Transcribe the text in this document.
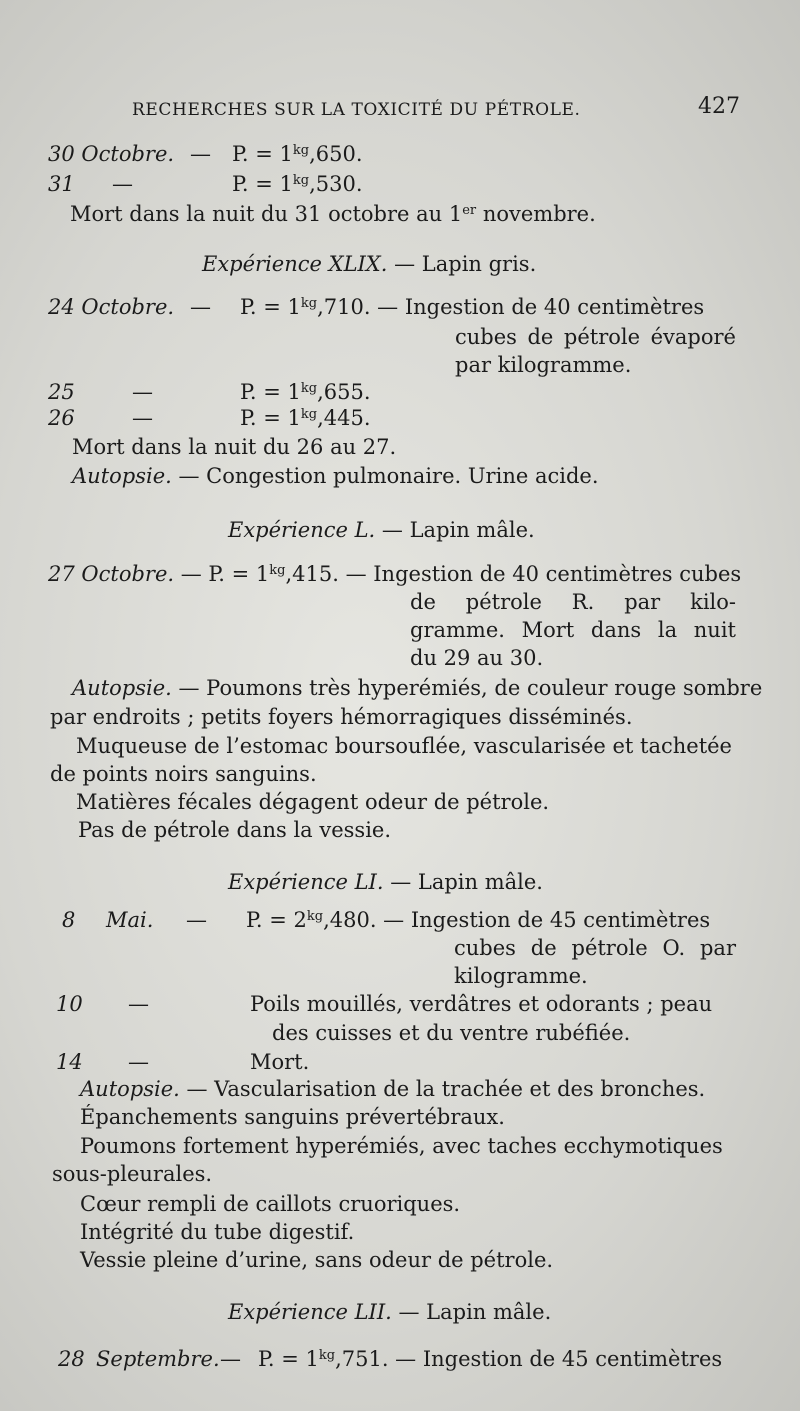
RECHERCHES SUR LA TOXICITÉ DU PÉTROLE.	427
30 Octobre. — P. = $1^{kg},650$.
31 —	P. = $1^{kg},530$.
Mort dans la nuit du 31 octobre au 1er novembre.
Expérience XLIX. — Lapin gris.
24 Octobre. — P. = $1^{kg},710$. — Ingestion de 40 centimètres
cubes de pétrole évaporé
par kilogramme.
25	—	P. = $1^{kg},655$.
26	—	P. = $1^{kg},445$.
Mort dans la nuit du 26 au 27.
Autopsie. — Congestion pulmonaire. Urine acide.
Expérience L. — Lapin mâle.
27 Octobre. — P. = $1^{kg},415$. — Ingestion de 40 centimètres cubes
de pétrole R. par kilo-
gramme. Mort dans la nuit
du 29 au 30.
Autopsie. — Poumons très hyperémiés, de couleur rouge sombre
par endroits ; petits foyers hémorragiques disséminés.
Muqueuse de l’estomac boursouflée, vascularisée et tachetée
de points noirs sanguins.
Matières fécales dégagent odeur de pétrole.
Pas de pétrole dans la vessie.
Expérience LI. — Lapin mâle.
8 Mai. — P. = $2^{kg},480$. — Ingestion de 45 centimètres
cubes de pétrole O. par
kilogramme.
10 —	Poils mouillés, verdâtres et odorants ; peau
des cuisses et du ventre rubéfiée.
14 —	Mort.
Autopsie. — Vascularisation de la trachée et des bronches.
Épanchements sanguins prévertébraux.
Poumons fortement hyperémiés, avec taches ecchymotiques
sous-pleurales.
Cœur rempli de caillots cruoriques.
Intégrité du tube digestif.
Vessie pleine d’urine, sans odeur de pétrole.
Expérience LII. — Lapin mâle.
28 Septembre. — P. = $1^{kg},751$. — Ingestion de 45 centimètres
